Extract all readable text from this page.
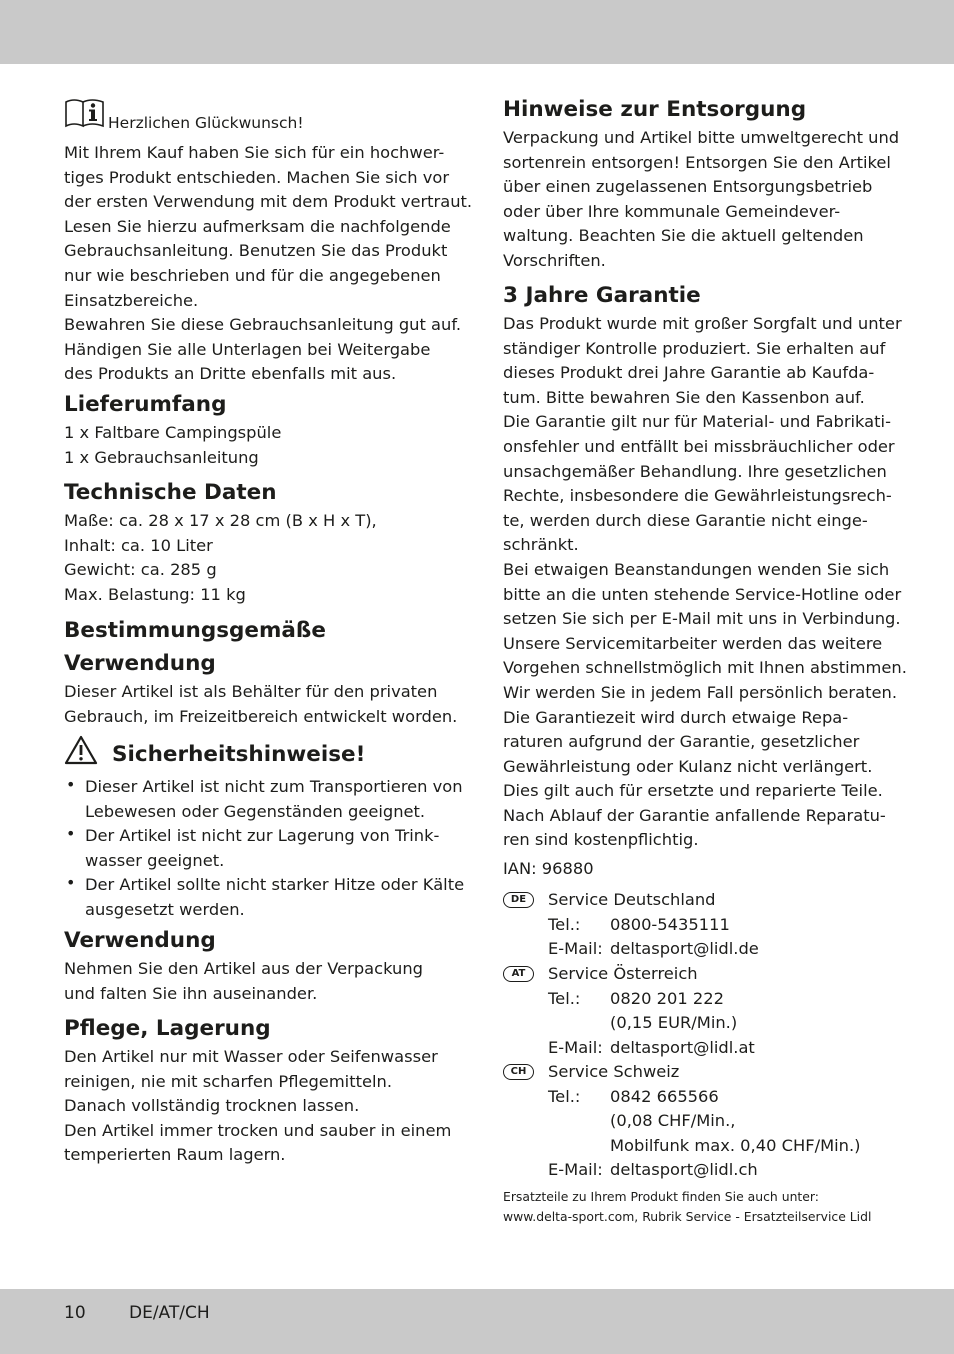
Herzlichen Glückwunsch!

Mit Ihrem Kauf haben Sie sich für ein hochwer-

tiges Produkt entschieden. Machen Sie sich vor

der ersten Verwendung mit dem Produkt vertraut.

Lesen Sie hierzu aufmerksam die nachfolgende

Gebrauchsanleitung. Benutzen Sie das Produkt

nur wie beschrieben und für die angegebenen

Einsatzbereiche.

Bewahren Sie diese Gebrauchsanleitung gut auf.

Händigen Sie alle Unterlagen bei Weitergabe

des Produkts an Dritte ebenfalls mit aus.

Lieferumfang

1 x Faltbare Campingspüle

1 x Gebrauchsanleitung

Technische Daten

Maße: ca. 28 x 17 x 28 cm (B x H x T),

Inhalt: ca. 10 Liter

Gewicht: ca. 285 g

Max. Belastung: 11 kg

Bestimmungsgemäße
Verwendung

Dieser Artikel ist als Behälter für den privaten

Gebrauch, im Freizeitbereich entwickelt worden.

Sicherheitshinweise!
• Dieser Artikel ist nicht zum Transportieren von

Lebewesen oder Gegenständen geeignet.

• Der Artikel ist nicht zur Lagerung von Trink-

wasser geeignet.

• Der Artikel sollte nicht starker Hitze oder Kälte

ausgesetzt werden.

Verwendung

Nehmen Sie den Artikel aus der Verpackung

und falten Sie ihn auseinander.

Pflege, Lagerung

Den Artikel nur mit Wasser oder Seifenwasser

reinigen, nie mit scharfen Pflegemitteln.

Danach vollständig trocknen lassen.

Den Artikel immer trocken und sauber in einem

temperierten Raum lagern.

Hinweise zur Entsorgung

Verpackung und Artikel bitte umweltgerecht und

sortenrein entsorgen! Entsorgen Sie den Artikel

über einen zugelassenen Entsorgungsbetrieb

oder über Ihre kommunale Gemeindever-

waltung. Beachten Sie die aktuell geltenden

Vorschriften.

3 Jahre Garantie

Das Produkt wurde mit großer Sorgfalt und unter

ständiger Kontrolle produziert. Sie erhalten auf

dieses Produkt drei Jahre Garantie ab Kaufda-

tum. Bitte bewahren Sie den Kassenbon auf.

Die Garantie gilt nur für Material- und Fabrikati-

onsfehler und entfällt bei missbräuchlicher oder

unsachgemäßer Behandlung. Ihre gesetzlichen

Rechte, insbesondere die Gewährleistungsrech-

te, werden durch diese Garantie nicht einge-

schränkt.

Bei etwaigen Beanstandungen wenden Sie sich

bitte an die unten stehende Service-Hotline oder

setzen Sie sich per E-Mail mit uns in Verbindung.

Unsere Servicemitarbeiter werden das weitere

Vorgehen schnellstmöglich mit Ihnen abstimmen.

Wir werden Sie in jedem Fall persönlich beraten.

Die Garantiezeit wird durch etwaige Repa-

raturen aufgrund der Garantie, gesetzlicher

Gewährleistung oder Kulanz nicht verlängert.

Dies gilt auch für ersetzte und reparierte Teile.

Nach Ablauf der Garantie anfallende Reparatu-

ren sind kostenpflichtig.

IAN: 96880

DE	Service Deutschland
Tel.: 0800-5435111
E-Mail: deltasport@lidl.de
AT	Service Österreich
Tel.: 0820 201 222
(0,15 EUR/Min.)
E-Mail: deltasport@lidl.at
CH	Service Schweiz
Tel.: 0842 665566
(0,08 CHF/Min.,
Mobilfunk max. 0,40 CHF/Min.)
E-Mail: deltasport@lidl.ch

Ersatzteile zu Ihrem Produkt finden Sie auch unter:

www.delta-sport.com, Rubrik Service - Ersatzteilservice Lidl

10	DE/AT/CH
